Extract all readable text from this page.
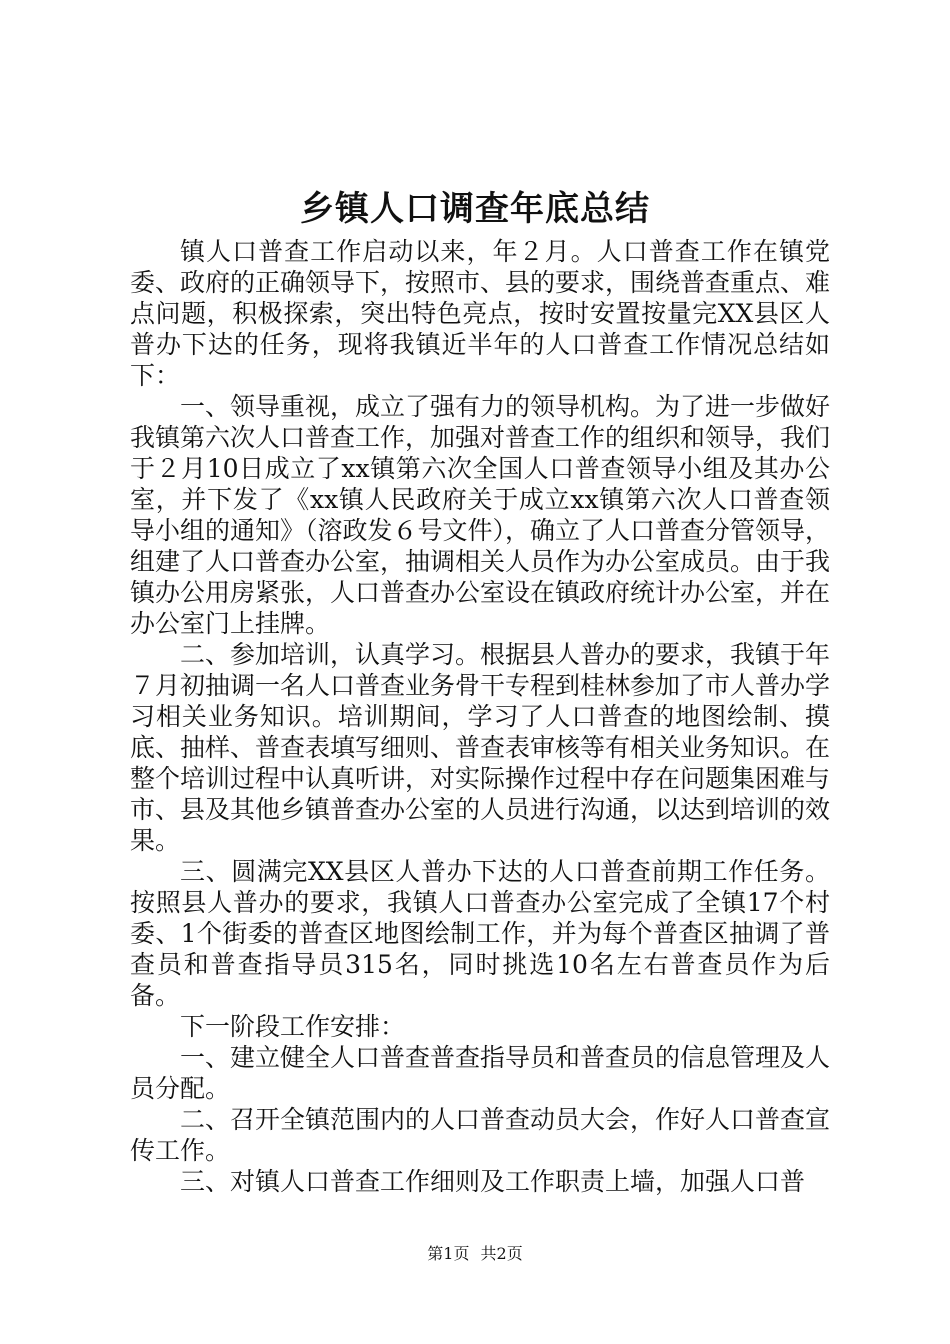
乡镇人口调查年底总结

镇人口普查工作启动以来，年２月。人口普查工作在镇党委、政府的正确领导下，按照市、县的要求，围绕普查重点、难点问题，积极探索，突出特色亮点，按时安置按量完XX县区人普办下达的任务，现将我镇近半年的人口普查工作情况总结如下：

一、领导重视，成立了强有力的领导机构。为了进一步做好我镇第六次人口普查工作，加强对普查工作的组织和领导，我们于２月10日成立了xx镇第六次全国人口普查领导小组及其办公室，并下发了《xx镇人民政府关于成立xx镇第六次人口普查领导小组的通知》（溶政发６号文件），确立了人口普查分管领导，组建了人口普查办公室，抽调相关人员作为办公室成员。由于我镇办公用房紧张，人口普查办公室设在镇政府统计办公室，并在办公室门上挂牌。

二、参加培训，认真学习。根据县人普办的要求，我镇于年７月初抽调一名人口普查业务骨干专程到桂林参加了市人普办学习相关业务知识。培训期间，学习了人口普查的地图绘制、摸底、抽样、普查表填写细则、普查表审核等有相关业务知识。在整个培训过程中认真听讲，对实际操作过程中存在问题集困难与市、县及其他乡镇普查办公室的人员进行沟通，以达到培训的效果。

三、圆满完XX县区人普办下达的人口普查前期工作任务。按照县人普办的要求，我镇人口普查办公室完成了全镇17个村委、1个街委的普查区地图绘制工作，并为每个普查区抽调了普查员和普查指导员315名，同时挑选10名左右普查员作为后备。

下一阶段工作安排：

一、建立健全人口普查普查指导员和普查员的信息管理及人员分配。

二、召开全镇范围内的人口普查动员大会，作好人口普查宣传工作。

三、对镇人口普查工作细则及工作职责上墙，加强人口普

第1页 共2页
